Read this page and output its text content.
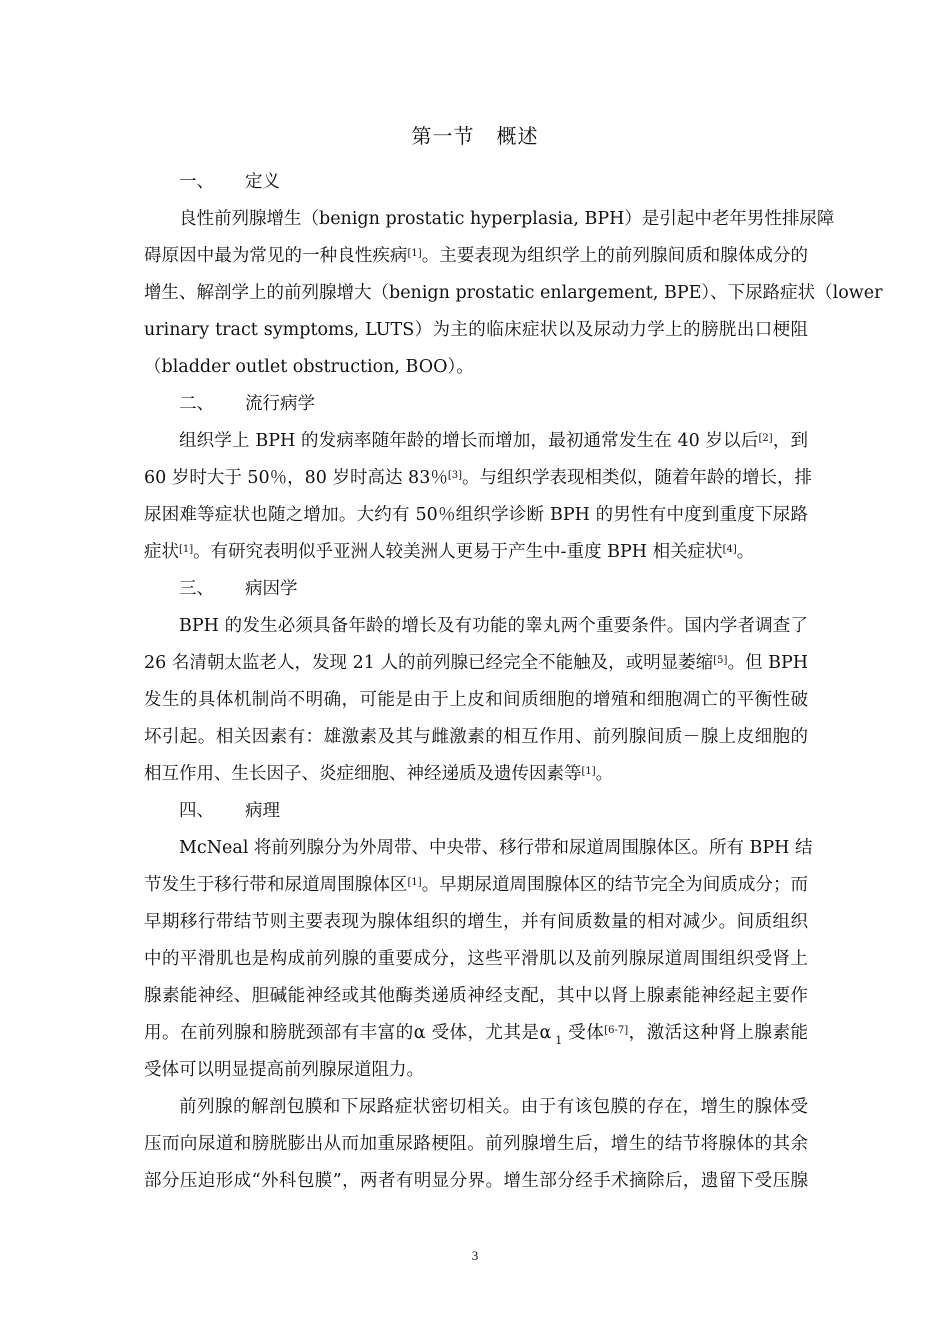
第一节 概述
一、 定义
良性前列腺增生（benign prostatic hyperplasia, BPH）是引起中老年男性排尿障
碍原因中最为常见的一种良性疾病[1]。主要表现为组织学上的前列腺间质和腺体成分的
增生、解剖学上的前列腺增大（benign prostatic enlargement, BPE）、下尿路症状（lower
urinary tract symptoms, LUTS）为主的临床症状以及尿动力学上的膀胱出口梗阻
（bladder outlet obstruction, BOO）。
二、 流行病学
组织学上 BPH 的发病率随年龄的增长而增加，最初通常发生在 40 岁以后[2]，到
60 岁时大于 50％，80 岁时高达 83％[3]。与组织学表现相类似，随着年龄的增长，排
尿困难等症状也随之增加。大约有 50％组织学诊断 BPH 的男性有中度到重度下尿路
症状[1]。有研究表明似乎亚洲人较美洲人更易于产生中-重度 BPH 相关症状[4]。
三、 病因学
BPH 的发生必须具备年龄的增长及有功能的睾丸两个重要条件。国内学者调查了
26 名清朝太监老人，发现 21 人的前列腺已经完全不能触及，或明显萎缩[5]。但 BPH
发生的具体机制尚不明确，可能是由于上皮和间质细胞的增殖和细胞凋亡的平衡性破
坏引起。相关因素有：雄激素及其与雌激素的相互作用、前列腺间质－腺上皮细胞的
相互作用、生长因子、炎症细胞、神经递质及遗传因素等[1]。
四、 病理
McNeal 将前列腺分为外周带、中央带、移行带和尿道周围腺体区。所有 BPH 结
节发生于移行带和尿道周围腺体区[1]。早期尿道周围腺体区的结节完全为间质成分；而
早期移行带结节则主要表现为腺体组织的增生，并有间质数量的相对减少。间质组织
中的平滑肌也是构成前列腺的重要成分，这些平滑肌以及前列腺尿道周围组织受肾上
腺素能神经、胆碱能神经或其他酶类递质神经支配，其中以肾上腺素能神经起主要作
用。在前列腺和膀胱颈部有丰富的α 受体，尤其是α $_1$ 受体[6-7]，激活这种肾上腺素能
受体可以明显提高前列腺尿道阻力。
前列腺的解剖包膜和下尿路症状密切相关。由于有该包膜的存在，增生的腺体受
压而向尿道和膀胱膨出从而加重尿路梗阻。前列腺增生后，增生的结节将腺体的其余
部分压迫形成“外科包膜”，两者有明显分界。增生部分经手术摘除后，遗留下受压腺
3
